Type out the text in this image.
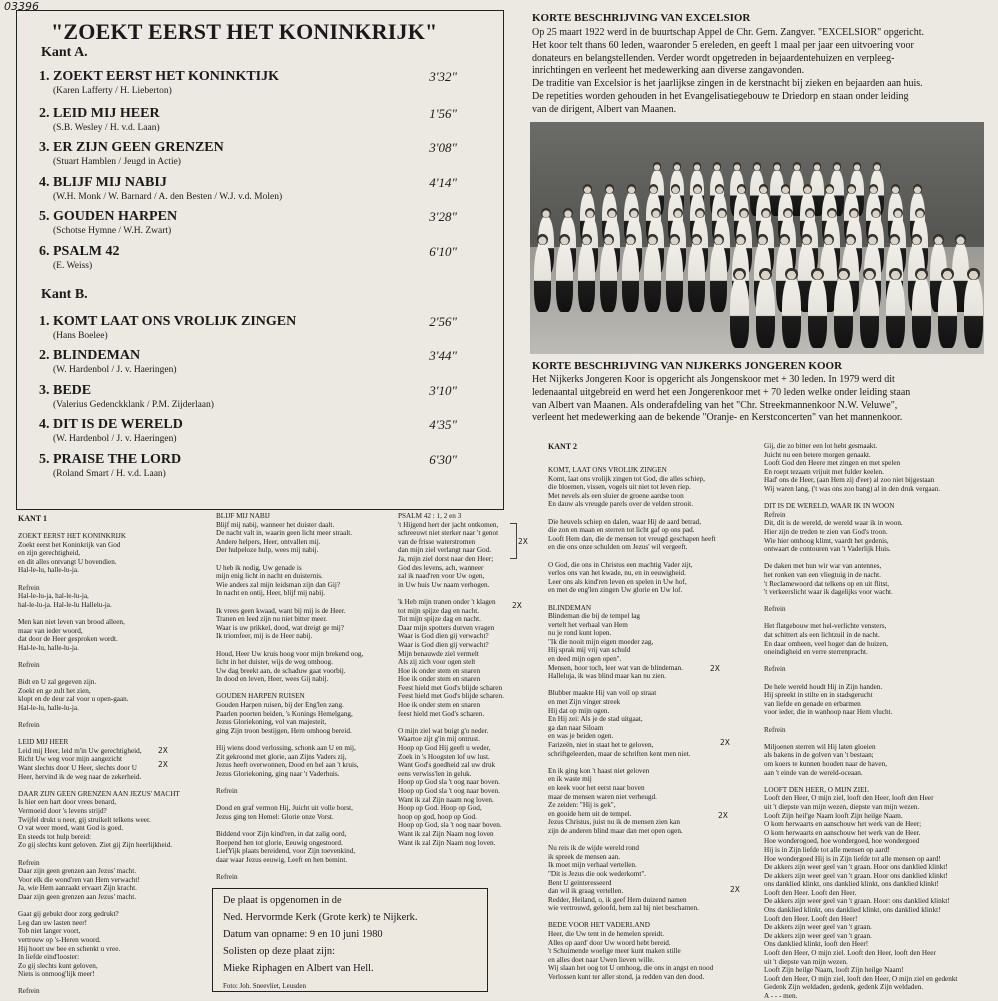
03396
"ZOEKT EERST HET KONINKRIJK"
Kant A.
1. ZOEKT EERST HET KONINKTIJK
(Karen Lafferty / H. Lieberton)
3'32"
2. LEID MIJ HEER
(S.B. Wesley / H. v.d. Laan)
1'56"
3. ER ZIJN GEEN GRENZEN
(Stuart Hamblen / Jeugd in Actie)
3'08"
4. BLIJF MIJ NABIJ
(W.H. Monk / W. Barnard / A. den Besten / W.J. v.d. Molen)
4'14"
5. GOUDEN HARPEN
(Schotse Hymne / W.H. Zwart)
3'28"
6. PSALM 42
(E. Weiss)
6'10"
Kant B.
1. KOMT LAAT ONS VROLIJK ZINGEN
(Hans Boelee)
2'56"
2. BLINDEMAN
(W. Hardenbol / J. v. Haeringen)
3'44"
3. BEDE
(Valerius Gedenckklank / P.M. Zijderlaan)
3'10"
4. DIT IS DE WERELD
(W. Hardenbol / J. v. Haeringen)
4'35"
5. PRAISE THE LORD
(Roland Smart / H. v.d. Laan)
6'30"
KORTE BESCHRIJVING VAN EXCELSIOR
Op 25 maart 1922 werd in de buurtschap Appel de Chr. Gem. Zangver. "EXCELSIOR" opgericht.
Het koor telt thans 60 leden, waaronder 5 ereleden, en geeft 1 maal per jaar een uitvoering voor
donateurs en belangstellenden. Verder wordt opgetreden in bejaardentehuizen en verpleeg-
inrichtingen en verleent het medewerking aan diverse zangavonden.
De traditie van Excelsior is het jaarlijkse zingen in de kerstnacht bij zieken en bejaarden aan huis.
De repetities worden gehouden in het Evangelisatiegebouw te Driedorp en staan onder leiding
van de dirigent, Albert van Maanen.
KORTE BESCHRIJVING VAN NIJKERKS JONGEREN KOOR
Het Nijkerks Jongeren Koor is opgericht als Jongenskoor met + 30 leden. In 1979 werd dit
ledenaantal uitgebreid en werd het een Jongerenkoor met + 70 leden welke onder leiding staan
van Albert van Maanen. Als onderafdeling van het "Chr. Streekmannenkoor N.W. Veluwe",
verleent het medewerking aan de bekende "Oranje- en Kerstconcerten" van het mannenkoor.
KANT 1
KANT 2
ZOEKT EERST HET KONINKRIJK
Zoekt eerst het Koninkrijk van God
en zijn gerechtigheid,
en dit alles ontvangt U bovendien.
Hal-le-lu, halle-lu-ja.

Refrein
Hal-le-lu-ja, hal-le-lu-ja,
hal-le-lu-ja. Hal-le-lu Hallelu-ja.

Men kan niet leven van brood alleen,
maar van ieder woord,
dat door de Heer gesproken wordt.
Hal-le-lu, halle-lu-ja.

Refrein

Bidt en U zal gegeven zijn.
Zoekt en ge zult het zien,
klopt en de deur zal voor u open-gaan.
Hal-le-lu, halle-lu-ja.

Refrein

LEID MIJ HEER
Leid mij Heer, leid m'in Uw gerechtigheid,
Richt Uw weg voor mijn aangezicht
Want slechts door U Heer, slechts door U
Heer, hervind ik de weg naar de zekerheid.

DAAR ZIJN GEEN GRENZEN AAN JEZUS' MACHT
Is hier een hart door vrees benard,
Vermoeid door 's levens strijd?
Twijfel drukt u neer, gij struikelt telkens weer.
O vat weer moed, want God is goed.
En steeds tot hulp bereid:
Zo gij slechts kunt geloven. Ziet gij Zijn heerlijkheid.

Refrein
Daar zijn geen grenzen aan Jezus' macht.
Voor elk die wond'ren van Hem verwacht!
Ja, wie Hem aanraakt ervaart Zijn kracht.
Daar zijn geen grenzen aan Jezus' macht.

Gaat gij gebukt door zorg gedrukt?
Leg dan uw lasten neer!
Tob niet langer voort,
vertrouw op 's-Heren woord.
Hij hoort uw bee en schenkt u vree.
In liefde eind'looster:
Zo gij slechts kunt geloven,
Niets is onmoog'lijk meer!

Refrein
BLIJF MIJ NABIJ
Blijf mij nabij, wanneer het duister daalt.
De nacht valt in, waarin geen licht meer straalt.
Andere helpers, Heer, ontvallen mij.
Der hulpeloze hulp, wees mij nabij.

U heb ik nodig, Uw genade is
mijn enig licht in nacht en duisternis.
Wie anders zal mijn leidsman zijn dan Gij?
In nacht en ontij, Heer, blijf mij nabij.

Ik vrees geen kwaad, want bij mij is de Heer.
Tranen en leed zijn nu niet bitter meer.
Waar is uw prikkel, dood, wat dreigt ge mij?
Ik triomfeer, mij is de Heer nabij.

Houd, Heer Uw kruis hoog voor mijn brekend oog,
licht in het duister, wijs de weg omhoog.
Uw dag breekt aan, de schaduw gaat voorbij.
In dood en leven, Heer, wees Gij nabij.

GOUDEN HARPEN RUISEN
Gouden Harpen ruisen, bij der Eng'len zang.
Paarlen poorten beiden, 's Konings Hemelgang,
Jezus Gloriekoning, vol van majesteit,
ging Zijn troon bestijgen, Hem omhoog bereid.

Hij wiens dood verlossing, schonk aan U en mij,
Zit gekroond met glorie, aan Zijns Vaders zij,
Jezus heeft overwonnen, Dood en hel aan 't kruis,
Jezus Gloriekoning, ging naar 't Vaderhuis.

Refrein

Dood en graf vermon Hij, Juicht uit volle borst,
Jezus ging ten Hemel: Glorie onze Vorst.

Biddend voor Zijn kind'ren, in dat zalig oord,
Roepend hen tot glorie, Eeuwig ongestoord.
LiefYijk plaats bereidend, voor Zijn toevenkind,
daar waar Jezus eeuwig, Leeft en hen bemint.

Refrein
PSALM 42 : 1, 2 en 3
't Hijgend hert der jacht ontkomen,
schreeuwt niet sterker naar 't genot
van de frisse waterstromen
dan mijn ziel verlangt naar God.
Ja, mijn ziel dorst naar den Heer;
God des levens, ach, wanneer
zal ik naad'ren voor Uw ogen,
in Uw huis Uw naam verhogen.

'k Heb mijn tranen onder 't klagen
tot mijn spijze dag en nacht.
Tot mijn spijze dag en nacht.
Daar mijn spotters durven vragen
Waar is God dien gij verwacht?
Waar is God dien gij verwacht?
Mijn benauwde ziel vermelt
Als zij zich voor ogen stelt
Hoe ik onder stem en snaren
Hoe ik onder stem en snaren
Feest hield met God's blijde scharen
Feest hield met God's blijde scharen.
Hoe ik onder stem en snaren
feest hield met God's scharen.

O mijn ziel wat buigt g'u neder.
Waartoe zijt g'in mij ontrust.
Hoop op God Hij geeft u weder,
Zoek in 's Hoogsten lof uw lust.
Want God's goedheid zal uw druk
eens verwiss'len in geluk.
Hoop op God sla 't oog naar boven.
Hoop op God sla 't oog naar boven.
Want ik zal Zijn naam nog loven.
Hoop op God. Hoop op God,
hoop op god, hoop op God.
Hoop op God, sla 't oog naar boven.
Want ik zal Zijn Naam nog loven
Want ik zal Zijn Naam nog loven.
KOMT, LAAT ONS VROLIJK ZINGEN
Komt, laat ons vrolijk zingen tot God, die alles schiep,
die bloemen, vissen, vogels uit niet tot leven riep.
Met nevels als een sluier de groene aardse toon
En dauw als vreugde parels over de velden strooit.

Die heuvels schiep en dalen, waar Hij de aard betrad,
die zon en maan en sterren tot licht gaf op ons pad.
Looft Hem dan, die de mensen tot vreugd geschapen heeft
en die ons onze schulden om Jezus' wil vergeeft.

O God, die ons in Christus een machtig Vader zijt,
verlos ons van het kwade, nu, en in eeuwigheid.
Leer ons als kind'ren leven en spelen in Uw hof,
en met de eng'len zingen Uw glorie en Uw lof.

BLINDEMAN
Blindeman die bij de tempel lag
vertelt het verhaal van Hem
nu je rond kunt lopen.
"Ik die nooit mijn eigen moeder zag,
Hij sprak mij vrij van schuld
en deed mijn ogen open".
Mensen, hoor toch, leer wat van de blindeman.
Halleluja, ik was blind maar kan nu zien.

Blubber maakte Hij van voil op straat
en met Zijn vinger streek
Hij dat op mijn ogen.
En Hij zei: Als je de stad uitgaat,
ga dan naar Siloam
en was je beiden ogen.
Farizeën, niet in staat het te geloven,
schriftgeleerden, maar de schriften kent men niet.

En ik ging kon 't haast niet geloven
en ik waste mij
en keek voor het eerst naar boven
maar de mensen waren niet verheugd.
Ze zeiden: "Hij is gek",
en gooide hem uit de tempel.
Jezus Christus, juist nu ik de mensen zien kan
zijn de anderen blind maar dan met open ogen.

Nu reis ik de wijde wereld rond
ik spreek de mensen aan.
Ik moet mijn verhaal vertellen.
"Dit is Jezus die ook wederkomt".
Bent U geinteresseerd
dan wil ik graag vertellen.
Redder, Heiland, o, ik geef Hem duizend namen
wie vertrouwd, geloofd, hem zal hij niet beschamen.

BEDE VOOR HET VADERLAND
Heer, die Uw tent in de hemelen spreidt.
Alles op aard' door Uw woord hebt bereid.
't Schuimende woelige meer kunt maken stille
en alles doet naar Uwen lieven wille.
Wij slaan het oog tot U omhoog, die ons in angst en nood
Verlossen kunt ter aller stond, ja redden van den dood.
Gij, die zo bitter een lot hebt gesmaakt.
Juicht nu een betere morgen genaakt.
Looft God den Heere met zingen en met spelen
En roept tezaam vrijuit met fulder keelen.
Had' ons de Heer, (aan Hem zij d'eer) al zoo niet bijgestaan
Wij waren lang, ('t was ons zoo bang) al in den druk vergaan.

DIT IS DE WERELD, WAAR IK IN WOON
Refrein
Dit, dit is de wereld, de wereld waar ik in woon.
Hier zijn de treden te zien van God's troon.
Wie hier omhoog klimt, vaardt het gedenis,
ontwaart de contouren van 't Vaderlijk Huis.

De daken met hun wir war van antennes,
het ronken van een vliegtuig in de nacht.
't Reclamewoord dat telkens op en uit flitst,
't verkeerslicht waar ik dagelijks voor wacht.

Refrein

Het flatgebouw met hel-verlichte vensters,
dat schittert als een lichtzuil in de nacht.
En daar omheen, veel hoger dan de huizen,
oneindigheid en verre sterrenpracht.

Refrein

De hele wereld houdt Hij in Zijn handen.
Hij spreekt in stilte en in stadsgerucht
van liefde en genade en erbarmen
voor ieder, die in wanhoop naar Hem vlucht.

Refrein

Miljoenen sterren wil Hij laten gloeien
als bakens in de golven van 't bestaan;
om koers te kunnen houden naar de haven,
aan 't einde van de wereld-oceaan.

LOOFT DEN HEER, O MIJN ZIEL
Looft den Heer, O mijn ziel, looft den Heer, looft den Heer
uit 't diepste van mijn wezen, diepste van mijn wezen.
Looft Zijn heil'ge Naam looft Zijn heilge Naam.
O kom herwaarts en aanschouw het werk van de Heer;
O kom herwaarts en aanschouw het werk van de Heer.
Hoe wonderogoed, hoe wondergoed, hoe wondergoed
Hij is in Zijn liefde tot alle mensen op aard!
Hoe wondergoed Hij is in Zijn liefde tot alle mensen op aard!
De akkers zijn weer geel van 't graan. Hoor ons danklied klinkt!
De akkers zijn weer geel van 't graan. Hoor ons danklied klinkt!
ons danklied klinkt, ons danklied klinkt, ons danklied klinkt!
Looft den Heer. Looft den Heer.
De akkers zijn weer geel van 't graan. Hoor: ons danklied klinkt!
Ons danklied klinkt, ons danklied klinkt, ons danklied klinkt!
Looft den Heer. Looft den Heer!
De akkers zijn weer geel van 't graan.
De akkers zijn weer geel van 't graan.
Ons danklied klinkt, looft den Heer!
Looft den Heer, O mijn ziel. Looft den Heer, looft den Heer
uit 't diepste van mijn wezen.
Looft Zijn heilge Naam, looft Zijn heilge Naam!
Looft den Heer, O mijn ziel, looft den Heer, O mijn ziel en gedenkt
Gedenk Zijn weldaden, gedenk, gedenk Zijn weldaden.
A - - - men.
2X
2X
2X
2X
2X
2X
2X
2X
De plaat is opgenomen in de
Ned. Hervormde Kerk (Grote kerk) te Nijkerk.
Datum van opname: 9 en 10 juni 1980
Solisten op deze plaat zijn:
Mieke Riphagen en Albert van Hell.
Foto: Joh. Sneevliet, Leusden
